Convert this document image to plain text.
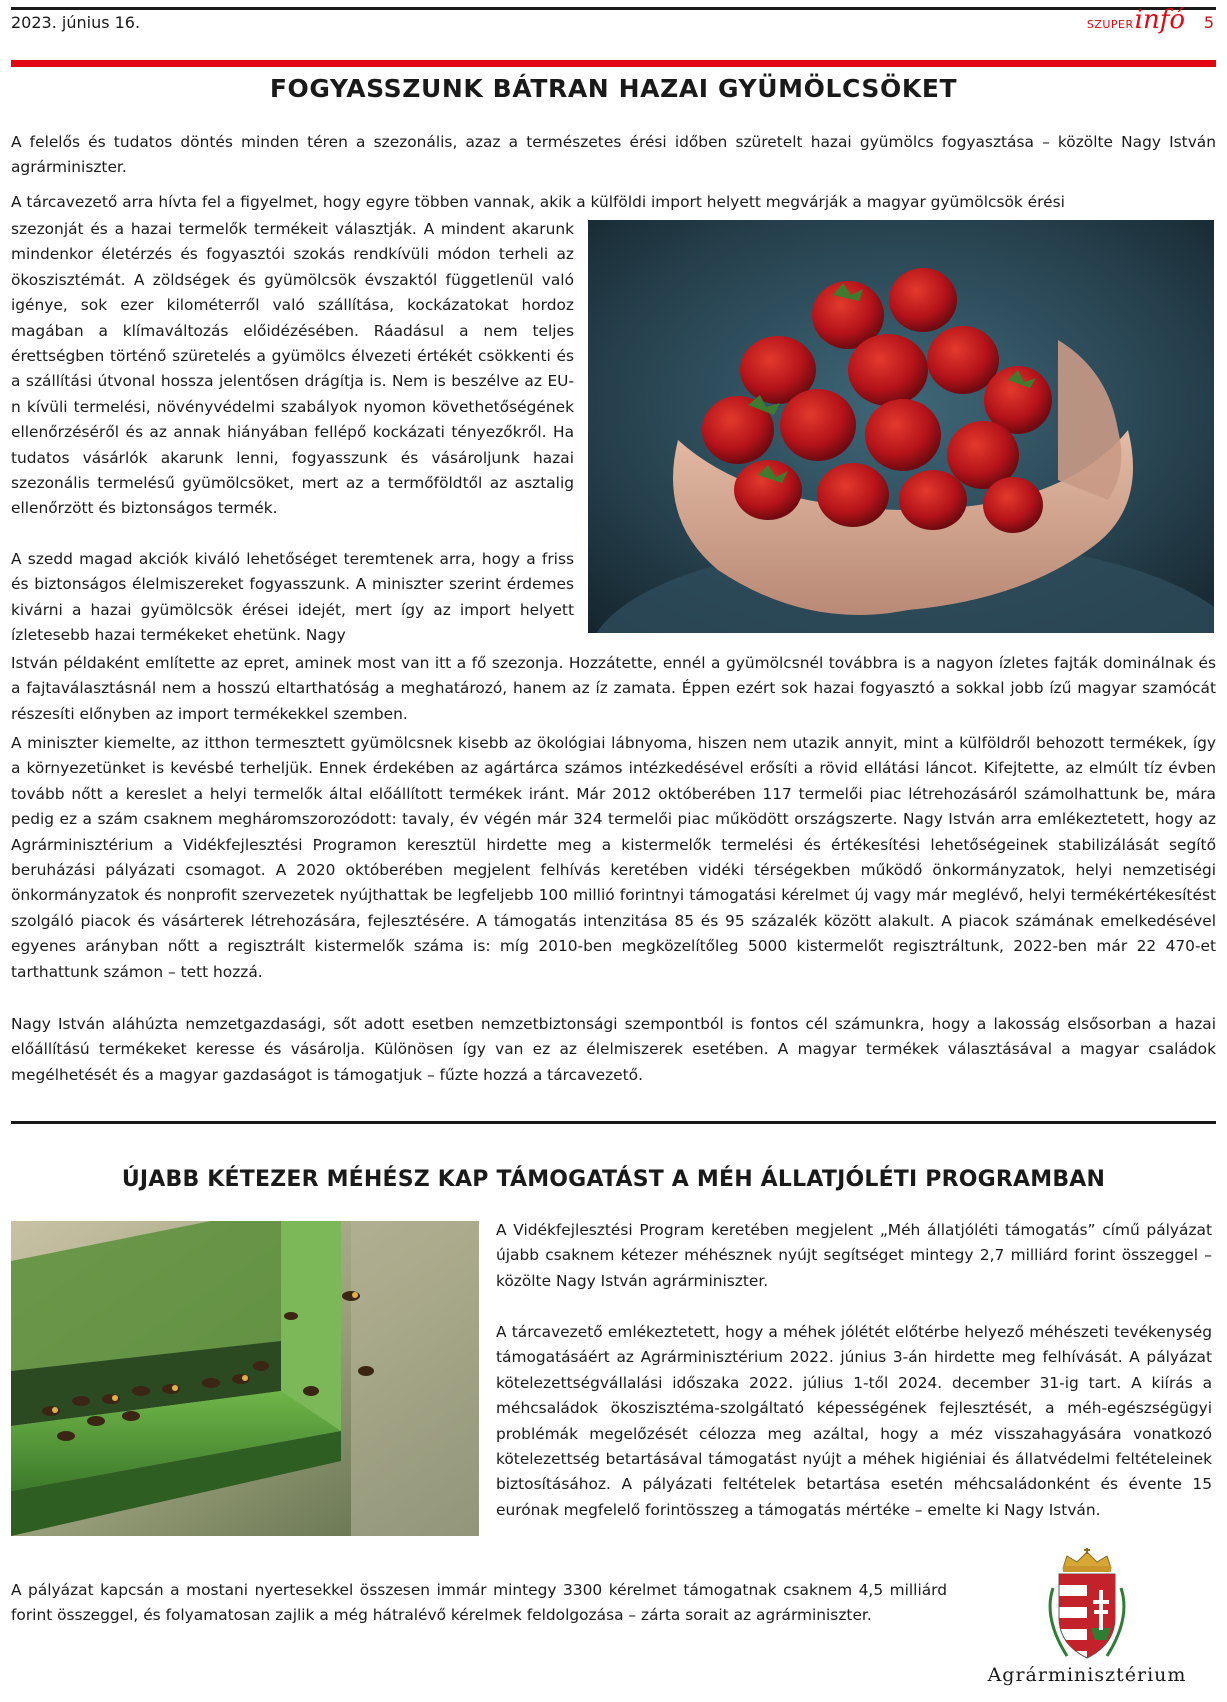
2023. június 16.	SZUPER infó 5
FOGYASSZUNK BÁTRAN HAZAI GYÜMÖLCSÖKET

A felelős és tudatos döntés minden téren a szezonális, azaz a természetes érési időben szüretelt hazai gyümölcs fogyasztása – közölte Nagy István agrárminiszter.

A tárcavezető arra hívta fel a figyelmet, hogy egyre többen vannak, akik a külföldi import helyett megvárják a magyar gyümölcsök érési

szezonját és a hazai termelők termékeit választják. A mindent akarunk mindenkor életérzés és fogyasztói szokás rendkívüli módon terheli az ökoszisztémát. A zöldségek és gyümölcsök évszaktól függetlenül való igénye, sok ezer kilométerről való szállítása, kockázatokat hordoz magában a klímaváltozás előidézésében. Ráadásul a nem teljes érettségben történő szüretelés a gyümölcs élvezeti értékét csökkenti és a szállítási útvonal hossza jelentősen drágítja is. Nem is beszélve az EU-n kívüli termelési, növényvédelmi szabályok nyomon követhetőségének ellenőrzéséről és az annak hiányában fellépő kockázati tényezőkről. Ha tudatos vásárlók akarunk lenni, fogyasszunk és vásároljunk hazai szezonális termelésű gyümölcsöket, mert az a termőföldtől az asztalig ellenőrzött és biztonságos termék.

A szedd magad akciók kiváló lehetőséget teremtenek arra, hogy a friss és biztonságos élelmiszereket fogyasszunk. A miniszter szerint érdemes kivárni a hazai gyümölcsök érései idejét, mert így az import helyett ízletesebb hazai termékeket ehetünk. Nagy

István példaként említette az epret, aminek most van itt a fő szezonja. Hozzátette, ennél a gyümölcsnél továbbra is a nagyon ízletes fajták dominálnak és a fajtaválasztásnál nem a hosszú eltarthatóság a meghatározó, hanem az íz zamata. Éppen ezért sok hazai fogyasztó a sokkal jobb ízű magyar szamócát részesíti előnyben az import termékekkel szemben.

A miniszter kiemelte, az itthon termesztett gyümölcsnek kisebb az ökológiai lábnyoma, hiszen nem utazik annyit, mint a külföldről behozott termékek, így a környezetünket is kevésbé terheljük. Ennek érdekében az agártárca számos intézkedésével erősíti a rövid ellátási láncot. Kifejtette, az elmúlt tíz évben tovább nőtt a kereslet a helyi termelők által előállított termékek iránt. Már 2012 októberében 117 termelői piac létrehozásáról számolhattunk be, mára pedig ez a szám csaknem megháromszorozódott: tavaly, év végén már 324 termelői piac működött országszerte. Nagy István arra emlékeztetett, hogy az Agrárminisztérium a Vidékfejlesztési Programon keresztül hirdette meg a kistermelők termelési és értékesítési lehetőségeinek stabilizálását segítő beruházási pályázati csomagot. A 2020 októberében megjelent felhívás keretében vidéki térségekben működő önkormányzatok, helyi nemzetiségi önkormányzatok és nonprofit szervezetek nyújthattak be legfeljebb 100 millió forintnyi támogatási kérelmet új vagy már meglévő, helyi termékértékesítést szolgáló piacok és vásárterek létrehozására, fejlesztésére. A támogatás intenzitása 85 és 95 százalék között alakult. A piacok számának emelkedésével egyenes arányban nőtt a regisztrált kistermelők száma is: míg 2010-ben megközelítőleg 5000 kistermelőt regisztráltunk, 2022-ben már 22 470-et tarthattunk számon – tett hozzá.

Nagy István aláhúzta nemzetgazdasági, sőt adott esetben nemzetbiztonsági szempontból is fontos cél számunkra, hogy a lakosság elsősorban a hazai előállítású termékeket keresse és vásárolja. Különösen így van ez az élelmiszerek esetében. A magyar termékek választásával a magyar családok megélhetését és a magyar gazdaságot is támogatjuk – fűzte hozzá a tárcavezető.

ÚJABB KÉTEZER MÉHÉSZ KAP TÁMOGATÁST A MÉH ÁLLATJÓLÉTI PROGRAMBAN

A Vidékfejlesztési Program keretében megjelent „Méh állatjóléti támogatás” című pályázat újabb csaknem kétezer méhésznek nyújt segítséget mintegy 2,7 milliárd forint összeggel – közölte Nagy István agrárminiszter.

A tárcavezető emlékeztetett, hogy a méhek jólétét előtérbe helyező méhészeti tevékenység támogatásáért az Agrárminisztérium 2022. június 3-án hirdette meg felhívását. A pályázat kötelezettségvállalási időszaka 2022. július 1-től 2024. december 31-ig tart. A kiírás a méhcsaládok ökoszisztéma-szolgáltató képességének fejlesztését, a méh-egészségügyi problémák megelőzését célozza meg azáltal, hogy a méz visszahagyására vonatkozó kötelezettség betartásával támogatást nyújt a méhek higiéniai és állatvédelmi feltételeinek biztosításához. A pályázati feltételek betartása esetén méhcsaládonként és évente 15 eurónak megfelelő forintösszeg a támogatás mértéke – emelte ki Nagy István.

A pályázat kapcsán a mostani nyertesekkel összesen immár mintegy 3300 kérelmet támogatnak csaknem 4,5 milliárd forint összeggel, és folyamatosan zajlik a még hátralévő kérelmek feldolgozása – zárta sorait az agrárminiszter.

Agrárminisztérium
